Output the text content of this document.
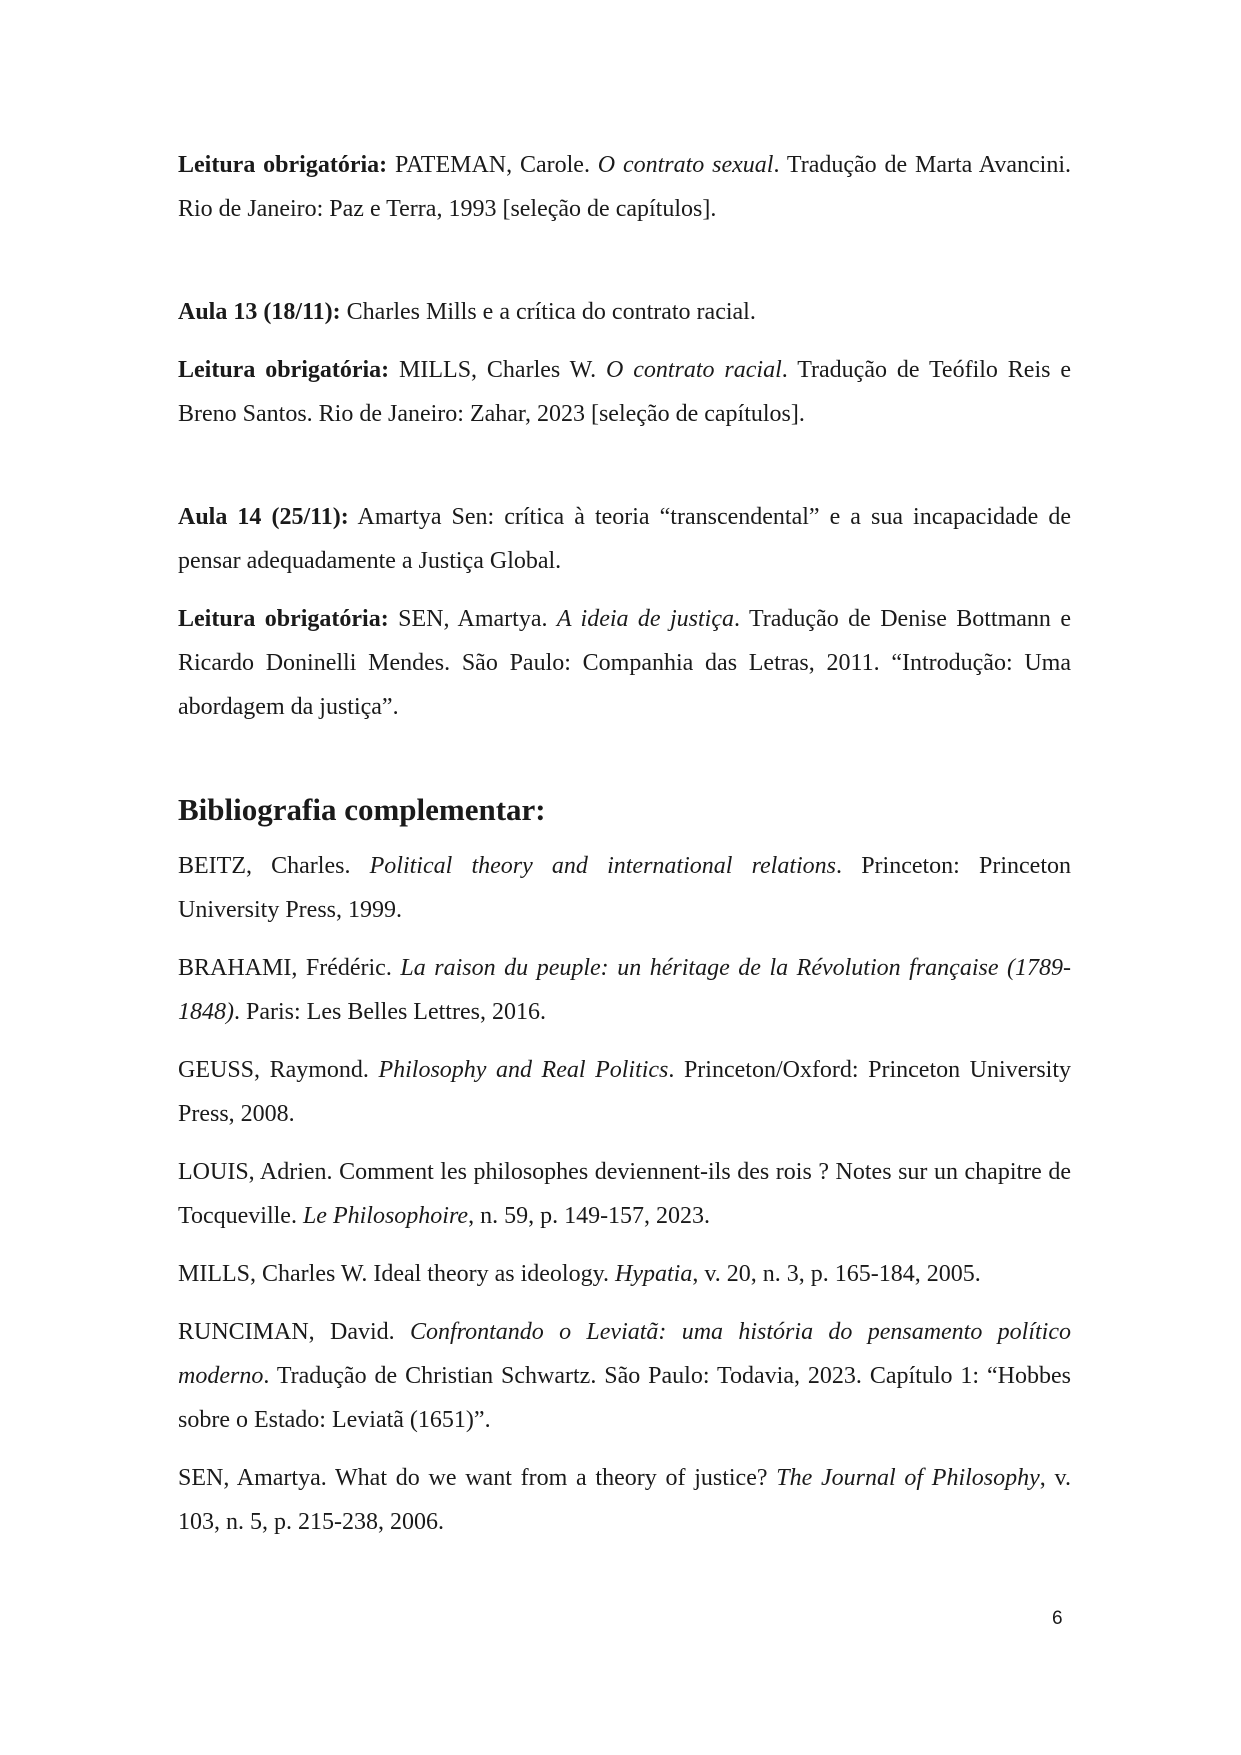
Leitura obrigatória: PATEMAN, Carole. O contrato sexual. Tradução de Marta Avancini. Rio de Janeiro: Paz e Terra, 1993 [seleção de capítulos].

Aula 13 (18/11): Charles Mills e a crítica do contrato racial.

Leitura obrigatória: MILLS, Charles W. O contrato racial. Tradução de Teófilo Reis e Breno Santos. Rio de Janeiro: Zahar, 2023 [seleção de capítulos].

Aula 14 (25/11): Amartya Sen: crítica à teoria “transcendental” e a sua incapacidade de pensar adequadamente a Justiça Global.

Leitura obrigatória: SEN, Amartya. A ideia de justiça. Tradução de Denise Bottmann e Ricardo Doninelli Mendes. São Paulo: Companhia das Letras, 2011. “Introdução: Uma abordagem da justiça”.

Bibliografia complementar:

BEITZ, Charles. Political theory and international relations. Princeton: Princeton University Press, 1999.

BRAHAMI, Frédéric. La raison du peuple: un héritage de la Révolution française (1789-1848). Paris: Les Belles Lettres, 2016.

GEUSS, Raymond. Philosophy and Real Politics. Princeton/Oxford: Princeton University Press, 2008.

LOUIS, Adrien. Comment les philosophes deviennent-ils des rois ? Notes sur un chapitre de Tocqueville. Le Philosophoire, n. 59, p. 149-157, 2023.

MILLS, Charles W. Ideal theory as ideology. Hypatia, v. 20, n. 3, p. 165-184, 2005.

RUNCIMAN, David. Confrontando o Leviatã: uma história do pensamento político moderno. Tradução de Christian Schwartz. São Paulo: Todavia, 2023. Capítulo 1: “Hobbes sobre o Estado: Leviatã (1651)”.

SEN, Amartya. What do we want from a theory of justice? The Journal of Philosophy, v. 103, n. 5, p. 215-238, 2006.

6
